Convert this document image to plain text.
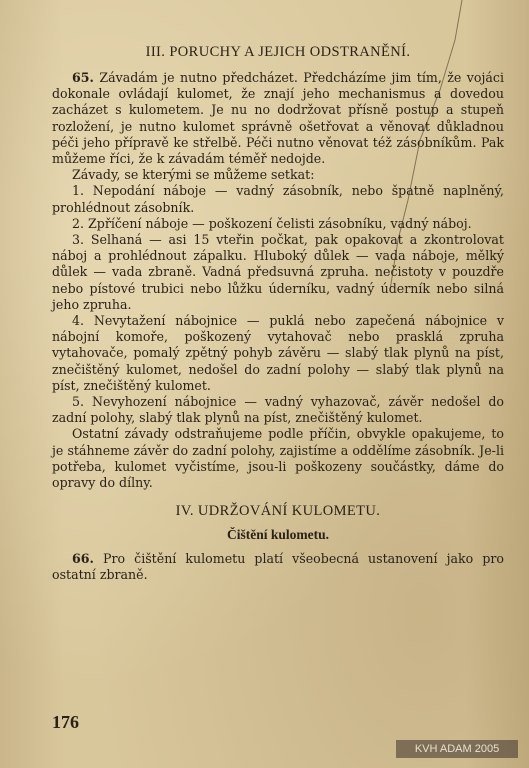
III. PORUCHY A JEJICH ODSTRANĚNÍ.

65. Závadám je nutno předcházet. Předcházíme jim tím, že vojáci dokonale ovládají kulomet, že znají jeho mechanismus a dovedou zacházet s kulometem. Je nu no dodržovat přísně postup a stupeň rozložení, je nutno kulomet správně ošetřovat a věnovat důkladnou péči jeho přípravě ke střelbě. Péči nutno věnovat též zásobníkům. Pak můžeme říci, že k závadám téměř nedojde.

Závady, se kterými se můžeme setkat:

1. Nepodání náboje — vadný zásobník, nebo špatně naplněný, prohlédnout zásobník.

2. Zpříčení náboje — poškození čelisti zásobníku, vadný náboj.

3. Selhaná — asi 15 vteřin počkat, pak opakovat a zkontrolovat náboj a prohlédnout zápalku. Hluboký důlek — vada náboje, mělký důlek — vada zbraně. Vadná předsuvná zpruha. nečistoty v pouzdře nebo pístové trubici nebo lůžku úderníku, vadný úderník nebo silná jeho zpruha.

4. Nevytažení nábojnice — puklá nebo zapečená nábojnice v nábojní komoře, poškozený vytahovač nebo prasklá zpruha vytahovače, pomalý zpětný pohyb závěru — slabý tlak plynů na píst, znečištěný kulomet, nedošel do zadní polohy — slabý tlak plynů na píst, znečištěný kulomet.

5. Nevyhození nábojnice — vadný vyhazovač, závěr nedošel do zadní polohy, slabý tlak plynů na píst, znečištěný kulomet.

Ostatní závady odstraňujeme podle příčin, obvykle opakujeme, to je stáhneme závěr do zadní polohy, zajistíme a oddělíme zásobník. Je-li potřeba, kulomet vyčistíme, jsou-li poškozeny součástky, dáme do opravy do dílny.

IV. UDRŽOVÁNÍ KULOMETU.
Čištění kulometu.

66. Pro čištění kulometu platí všeobecná ustanovení jako pro ostatní zbraně.

176
KVH ADAM 2005
